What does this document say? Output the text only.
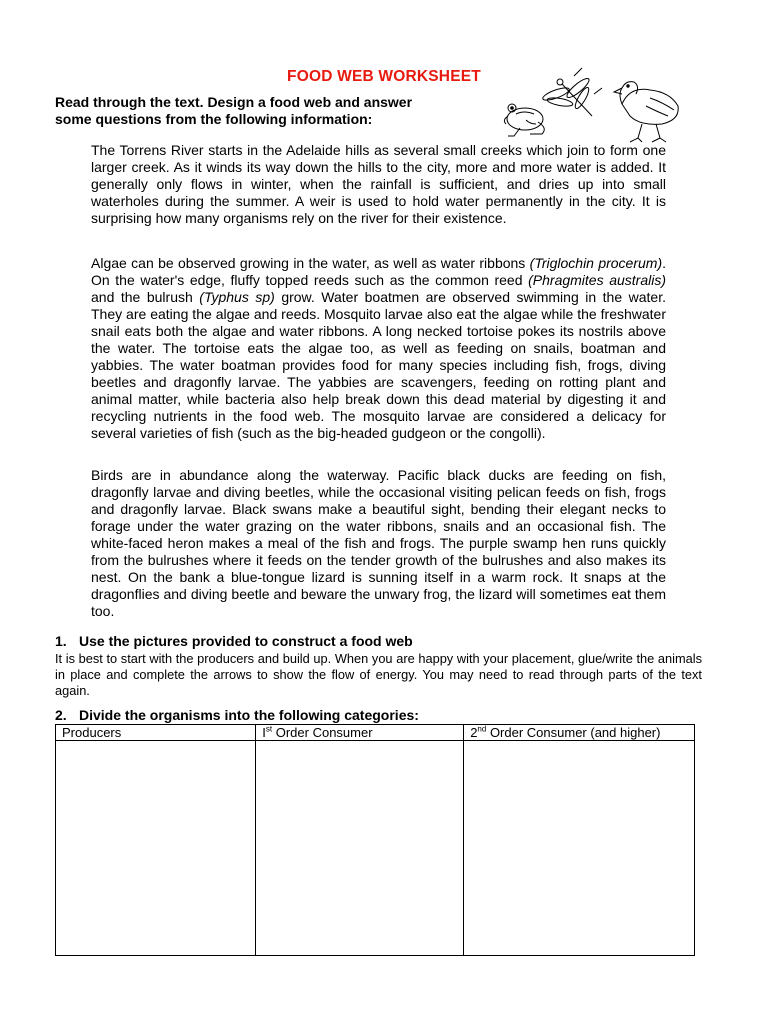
FOOD WEB WORKSHEET

Read through the text. Design a food web and answer
some questions from the following information:

The Torrens River starts in the Adelaide hills as several small creeks which join to form one larger creek. As it winds its way down the hills to the city, more and more water is added. It generally only flows in winter, when the rainfall is sufficient, and dries up into small waterholes during the summer. A weir is used to hold water permanently in the city. It is surprising how many organisms rely on the river for their existence.

Algae can be observed growing in the water, as well as water ribbons (Triglochin procerum). On the water's edge, fluffy topped reeds such as the common reed (Phragmites australis) and the bulrush (Typhus sp) grow. Water boatmen are observed swimming in the water. They are eating the algae and reeds. Mosquito larvae also eat the algae while the freshwater snail eats both the algae and water ribbons. A long necked tortoise pokes its nostrils above the water. The tortoise eats the algae too, as well as feeding on snails, boatman and yabbies. The water boatman provides food for many species including fish, frogs, diving beetles and dragonfly larvae. The yabbies are scavengers, feeding on rotting plant and animal matter, while bacteria also help break down this dead material by digesting it and recycling nutrients in the food web. The mosquito larvae are considered a delicacy for several varieties of fish (such as the big-headed gudgeon or the congolli).

Birds are in abundance along the waterway. Pacific black ducks are feeding on fish, dragonfly larvae and diving beetles, while the occasional visiting pelican feeds on fish, frogs and dragonfly larvae. Black swans make a beautiful sight, bending their elegant necks to forage under the water grazing on the water ribbons, snails and an occasional fish. The white-faced heron makes a meal of the fish and frogs. The purple swamp hen runs quickly from the bulrushes where it feeds on the tender growth of the bulrushes and also makes its nest. On the bank a blue-tongue lizard is sunning itself in a warm rock. It snaps at the dragonflies and diving beetle and beware the unwary frog, the lizard will sometimes eat them too.

1. Use the pictures provided to construct a food web

It is best to start with the producers and build up. When you are happy with your placement, glue/write the animals in place and complete the arrows to show the flow of energy. You may need to read through parts of the text again.

2. Divide the organisms into the following categories:
Producers	Ist Order Consumer	2nd Order Consumer (and higher)
